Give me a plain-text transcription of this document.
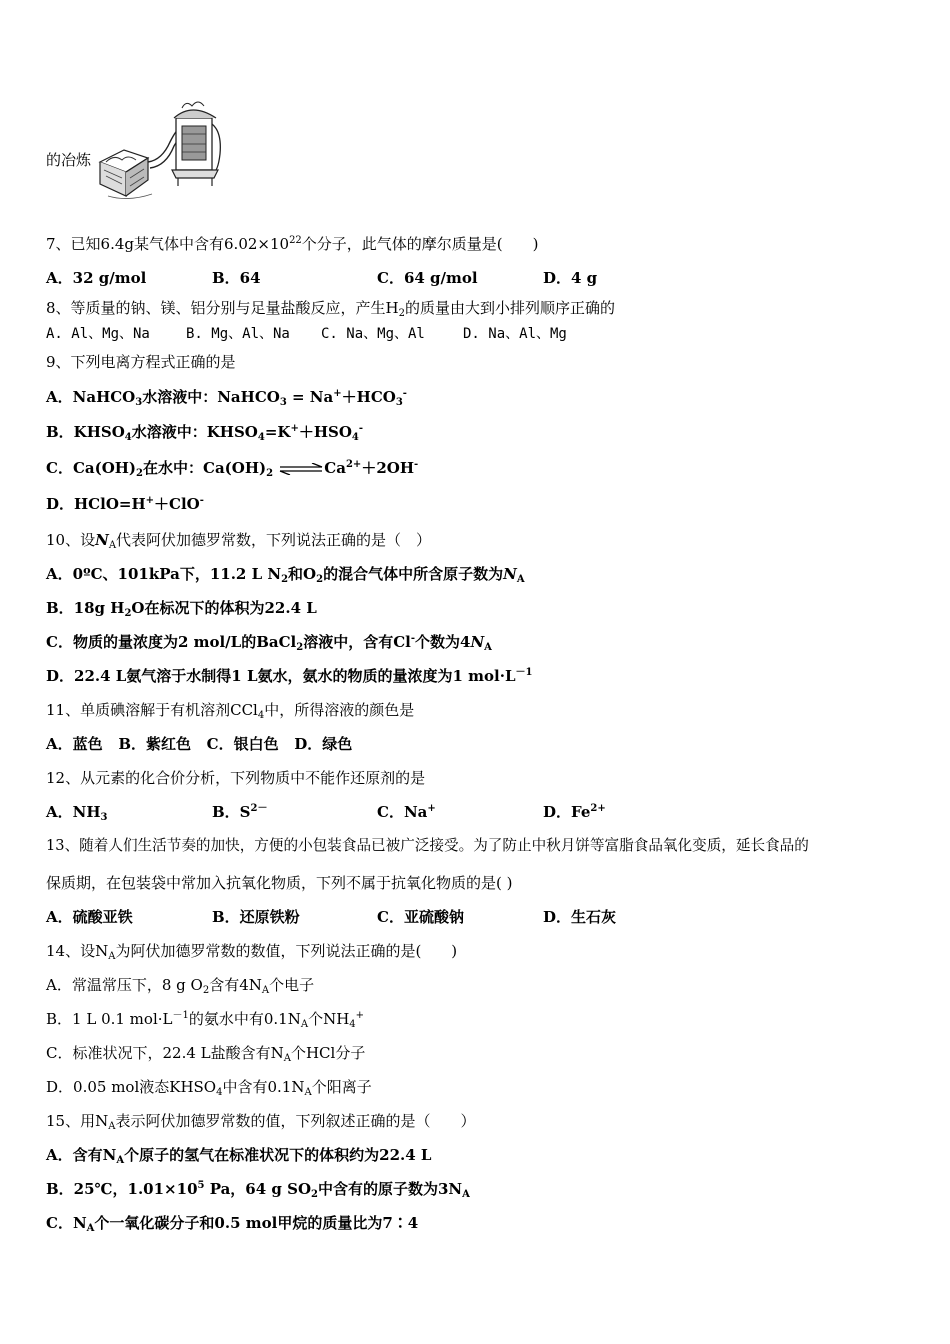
的冶炼
7、已知6.4g某气体中含有$6.02\times 10^{22}$个分子，此气体的摩尔质量是(　　)
A．32 g/mol	B．64	C．64 g/mol	D．4 g
8、等质量的钠、镁、铝分别与足量盐酸反应，产生$H_2$的质量由大到小排列顺序正确的
A. Al、Mg、Na	B. Mg、Al、Na C. Na、Mg、Al	D. Na、Al、Mg
9、下列电离方程式正确的是
A．NaHCO$_3$水溶液中：NaHCO$_3$ = $Na^++HCO_3^-$
B．$KHSO_4$水溶液中：$KHSO_4=K^++HSO_4^-$
C．$Ca(OH)_2$在水中：$Ca(OH)_2$ $\rightleftharpoons Ca^{2+}+2OH^-$
D．HClO=H+＋ClO-
10、设$N_A$代表阿伏加德罗常数，下列说法正确的是（　）
A．0ºC、101kPa下，11.2 L $N_2$和$O_2$的混合气体中所含原子数为$N_A$
B．18g $H_2O$在标况下的体积为22.4 L
C．物质的量浓度为2 mol/L的BaCl$_2$溶液中，含有Cl-个数为$4N_A$
D．22.4 L氨气溶于水制得1 L氨水，氨水的物质的量浓度为1 $mol\cdot L^{-1}$
11、单质碘溶解于有机溶剂CCl$_4$中，所得溶液的颜色是
A．蓝色 B．紫红色 C．银白色 D．绿色
12、从元素的化合价分析，下列物质中不能作还原剂的是
A．$NH_3$	B．$S^{2-}$	C．Na+	D．$Fe^{2+}$
13、随着人们生活节奏的加快，方便的小包装食品已被广泛接受。为了防止中秋月饼等富脂食品氧化变质，延长食品的
保质期，在包装袋中常加入抗氧化物质，下列不属于抗氧化物质的是( )
A．硫酸亚铁	B．还原铁粉	C．亚硫酸钠	D．生石灰
14、设$N_A$为阿伏加德罗常数的数值，下列说法正确的是(　　)
A．常温常压下，8 g $O_2$含有$4N_A$个电子
B．1 L 0.1 $mol\cdot L^{-1}$的氨水中有$0.1N_A$个$NH_4^+$
C．标准状况下，22.4 L盐酸含有$N_A$个HCl分子
D．0.05 mol液态$KHSO_4$中含有$0.1N_A$个阳离子
15、用$N_A$表示阿伏加德罗常数的值，下列叙述正确的是（　　）
A．含有$N_A$个原子的氢气在标准状况下的体积约为22.4 L
B．25℃，$1.01\times 10^5$ Pa，64 g $SO_2$中含有的原子数为$3N_A$
C．$N_A$个一氧化碳分子和0.5 mol甲烷的质量比为7∶4
